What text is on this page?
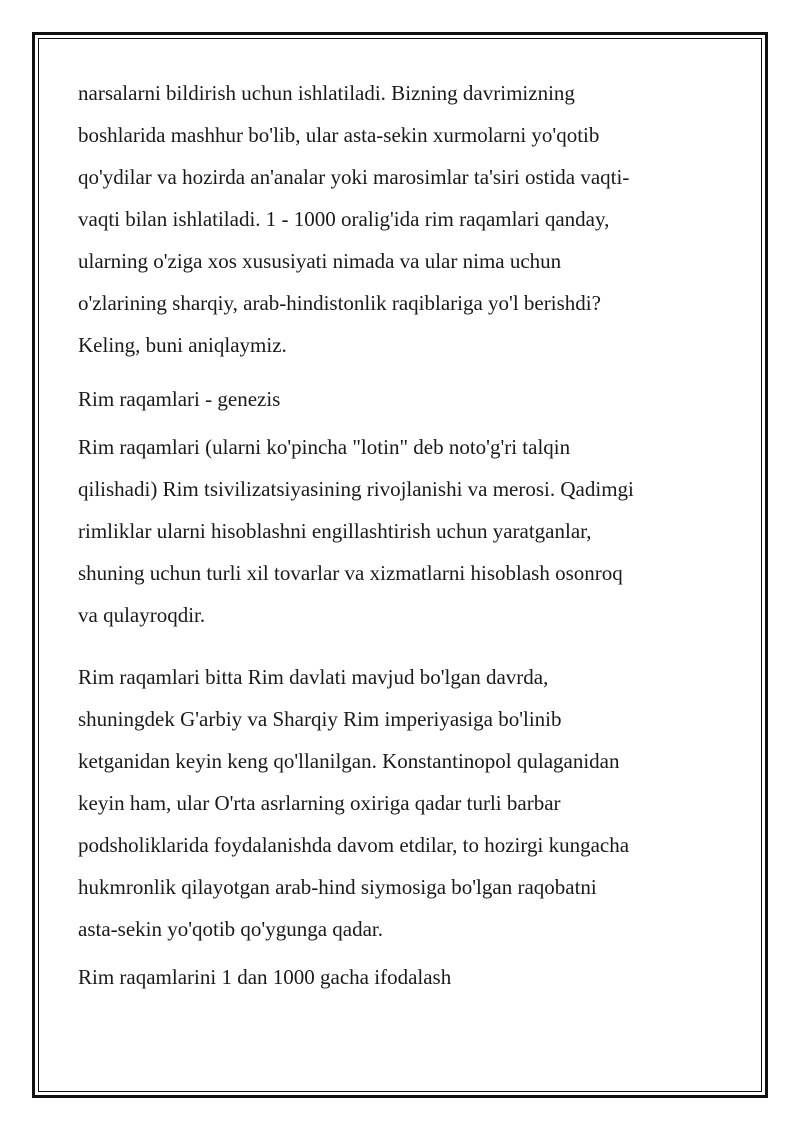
narsalarni bildirish uchun ishlatiladi. Bizning davrimizning
boshlarida mashhur bo'lib, ular asta-sekin xurmolarni yo'qotib
qo'ydilar va hozirda an'analar yoki marosimlar ta'siri ostida vaqti-
vaqti bilan ishlatiladi. 1 - 1000 oralig'ida rim raqamlari qanday,
ularning o'ziga xos xususiyati nimada va ular nima uchun
o'zlarining sharqiy, arab-hindistonlik raqiblariga yo'l berishdi?
Keling, buni aniqlaymiz.

Rim raqamlari - genezis

Rim raqamlari (ularni ko'pincha "lotin" deb noto'g'ri talqin
qilishadi) Rim tsivilizatsiyasining rivojlanishi va merosi. Qadimgi
rimliklar ularni hisoblashni engillashtirish uchun yaratganlar,
shuning uchun turli xil tovarlar va xizmatlarni hisoblash osonroq
va qulayroqdir.

Rim raqamlari bitta Rim davlati mavjud bo'lgan davrda,
shuningdek G'arbiy va Sharqiy Rim imperiyasiga bo'linib
ketganidan keyin keng qo'llanilgan. Konstantinopol qulaganidan
keyin ham, ular O'rta asrlarning oxiriga qadar turli barbar
podsholiklarida foydalanishda davom etdilar, to hozirgi kungacha
hukmronlik qilayotgan arab-hind siymosiga bo'lgan raqobatni
asta-sekin yo'qotib qo'ygunga qadar.

Rim raqamlarini 1 dan 1000 gacha ifodalash
